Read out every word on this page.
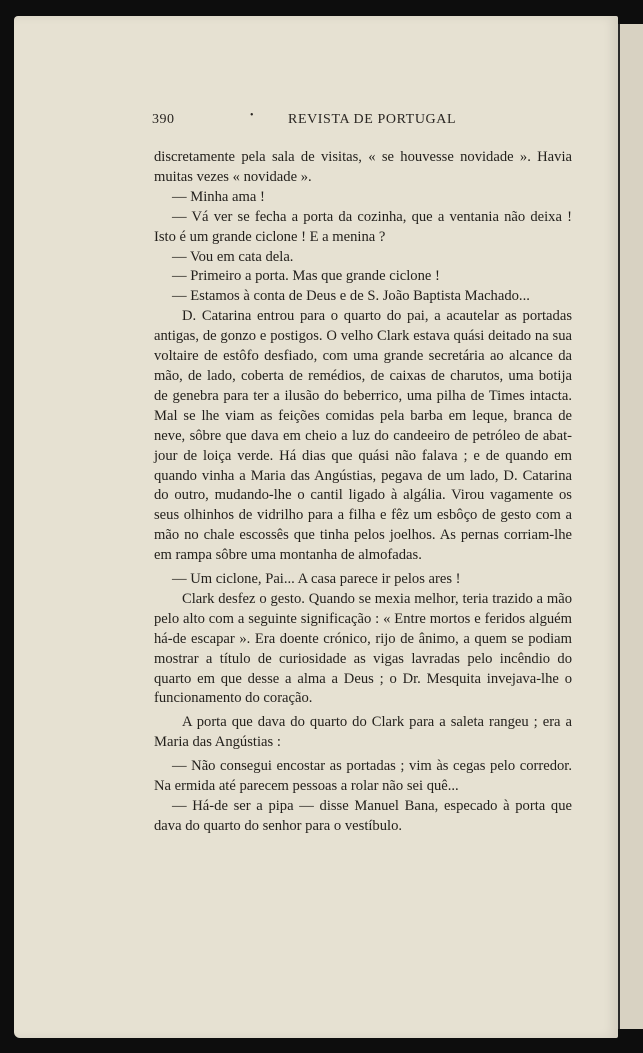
390	• REVISTA DE PORTUGAL

discretamente pela sala de visitas, « se houvesse novidade ». Havia muitas vezes « novidade ».

— Minha ama !

— Vá ver se fecha a porta da cozinha, que a ventania não deixa ! Isto é um grande ciclone ! E a menina ?

— Vou em cata dela.

— Primeiro a porta. Mas que grande ciclone !

— Estamos à conta de Deus e de S. João Baptista Machado...

D. Catarina entrou para o quarto do pai, a acautelar as portadas antigas, de gonzo e postigos. O velho Clark estava quási deitado na sua voltaire de estôfo desfiado, com uma grande secretária ao alcance da mão, de lado, coberta de remédios, de caixas de charutos, uma botija de genebra para ter a ilusão do beberrico, uma pilha de Times intacta. Mal se lhe viam as feições comidas pela barba em leque, branca de neve, sôbre que dava em cheio a luz do candeeiro de petróleo de abat-jour de loiça verde. Há dias que quási não falava ; e de quando em quando vinha a Maria das Angústias, pegava de um lado, D. Catarina do outro, mudando-lhe o cantil ligado à algália. Virou vagamente os seus olhinhos de vidrilho para a filha e fêz um esbôço de gesto com a mão no chale escossês que tinha pelos joelhos. As pernas corriam-lhe em rampa sôbre uma montanha de almofadas.

— Um ciclone, Pai... A casa parece ir pelos ares !

Clark desfez o gesto. Quando se mexia melhor, teria trazido a mão pelo alto com a seguinte significação : « Entre mortos e feridos alguém há-de escapar ». Era doente crónico, rijo de ânimo, a quem se podiam mostrar a título de curiosidade as vigas lavradas pelo incêndio do quarto em que desse a alma a Deus ; o Dr. Mesquita invejava-lhe o funcionamento do coração.

A porta que dava do quarto do Clark para a saleta rangeu ; era a Maria das Angústias :

— Não consegui encostar as portadas ; vim às cegas pelo corredor. Na ermida até parecem pessoas a rolar não sei quê...

— Há-de ser a pipa — disse Manuel Bana, especado à porta que dava do quarto do senhor para o vestíbulo.
